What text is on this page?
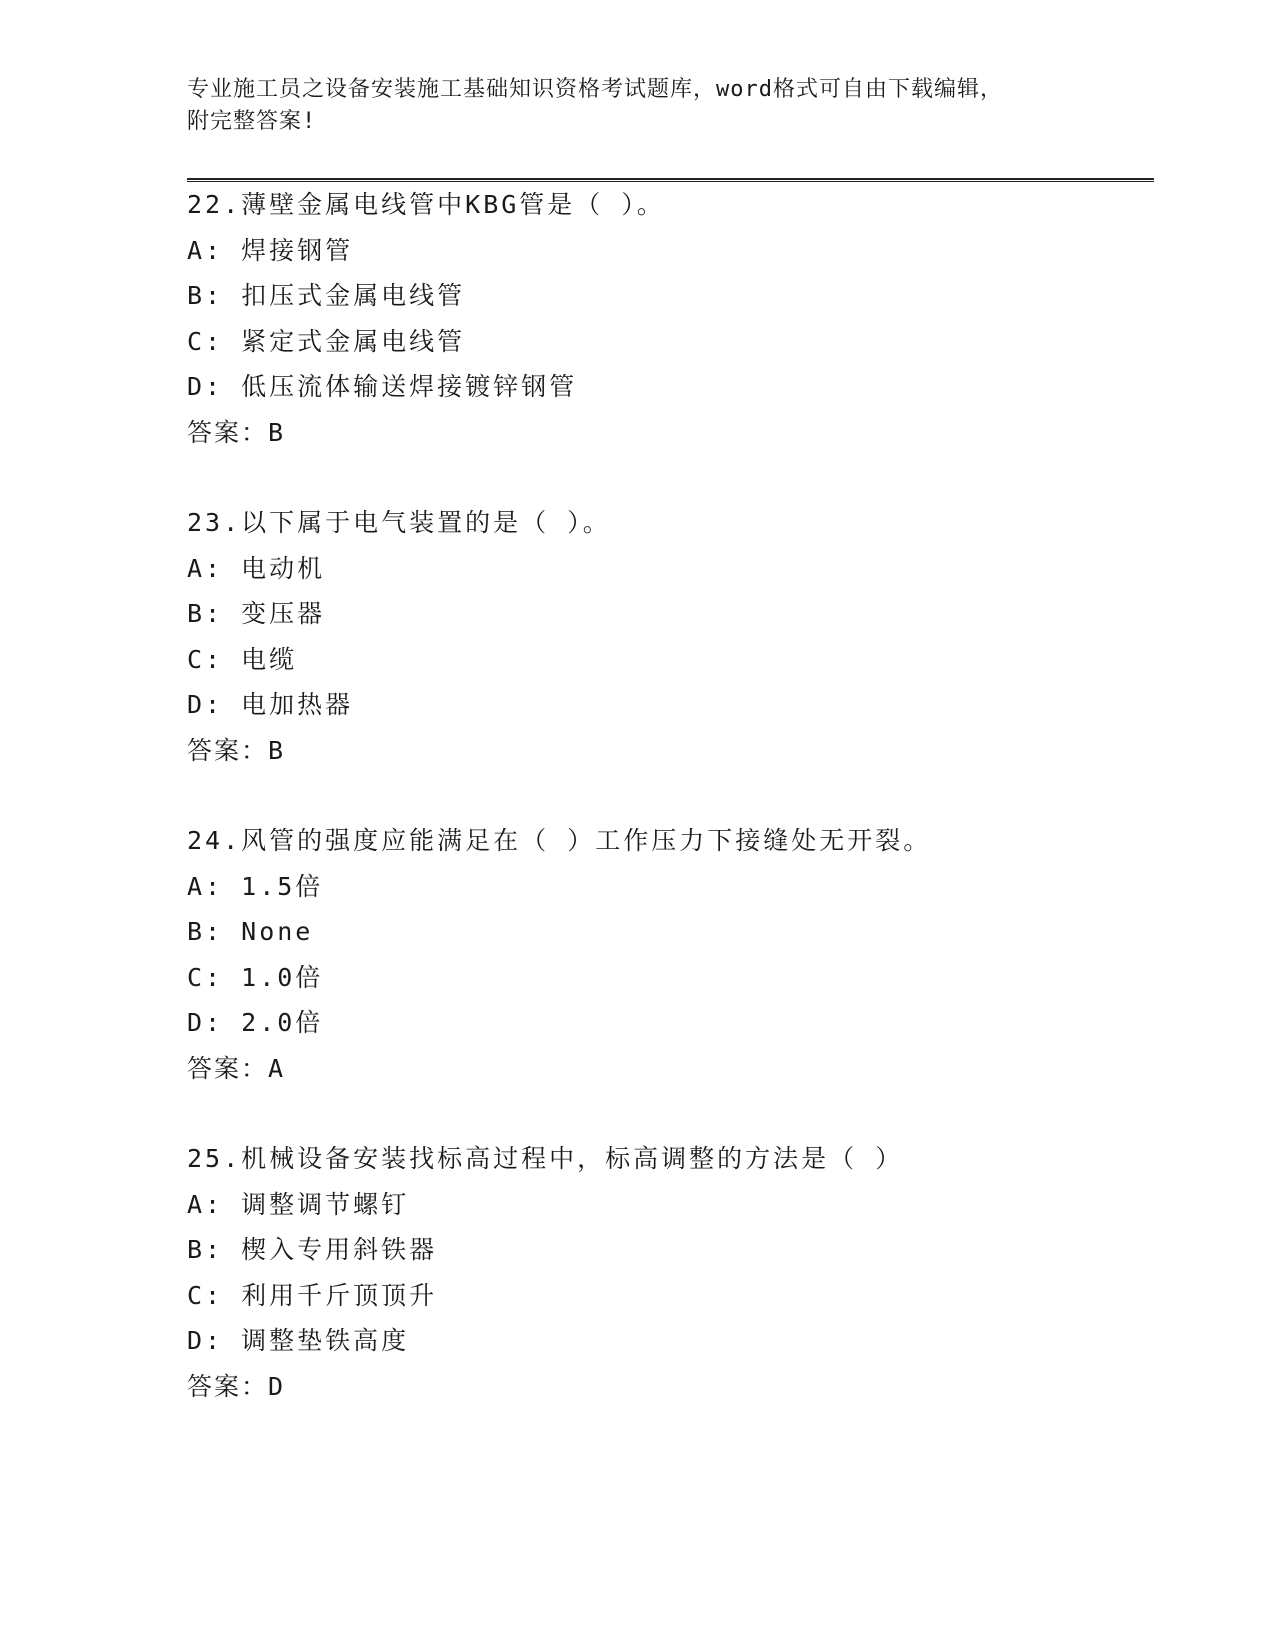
专业施工员之设备安装施工基础知识资格考试题库，word格式可自由下载编辑，
附完整答案!
22.薄壁金属电线管中KBG管是（ ）。
A: 焊接钢管
B: 扣压式金属电线管
C: 紧定式金属电线管
D: 低压流体输送焊接镀锌钢管
答案：B
23.以下属于电气装置的是（ ）。
A: 电动机
B: 变压器
C: 电缆
D: 电加热器
答案：B
24.风管的强度应能满足在（ ）工作压力下接缝处无开裂。
A: 1.5倍
B: None
C: 1.0倍
D: 2.0倍
答案：A
25.机械设备安装找标高过程中，标高调整的方法是（ ）
A: 调整调节螺钉
B: 楔入专用斜铁器
C: 利用千斤顶顶升
D: 调整垫铁高度
答案：D
